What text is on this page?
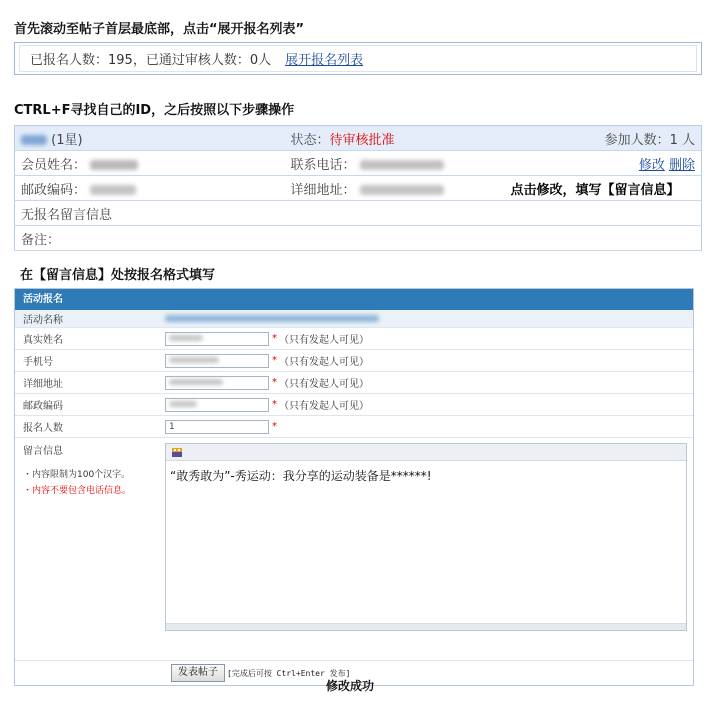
首先滚动至帖子首层最底部，点击“展开报名列表”
已报名人数：195，已通过审核人数：0人 展开报名列表
CTRL+F寻找自己的ID，之后按照以下步骤操作
(1星)	状态：待审核批准	参加人数：1 人
会员姓名：	联系电话：	修改 删除
邮政编码：	详细地址：	点击修改，填写【留言信息】
无报名留言信息		
备注：		
在【留言信息】处按报名格式填写
活动报名
活动名称
真实姓名	* （只有发起人可见）
手机号	* （只有发起人可见）
详细地址	* （只有发起人可见）
邮政编码	* （只有发起人可见）
报名人数	1	*
留言信息
・内容限制为100个汉字。
・内容不要包含电话信息。
“敢秀敢为”-秀运动：我分享的运动装备是******!
发表帖子	[完成后可按 Ctrl+Enter 发布]
修改成功
